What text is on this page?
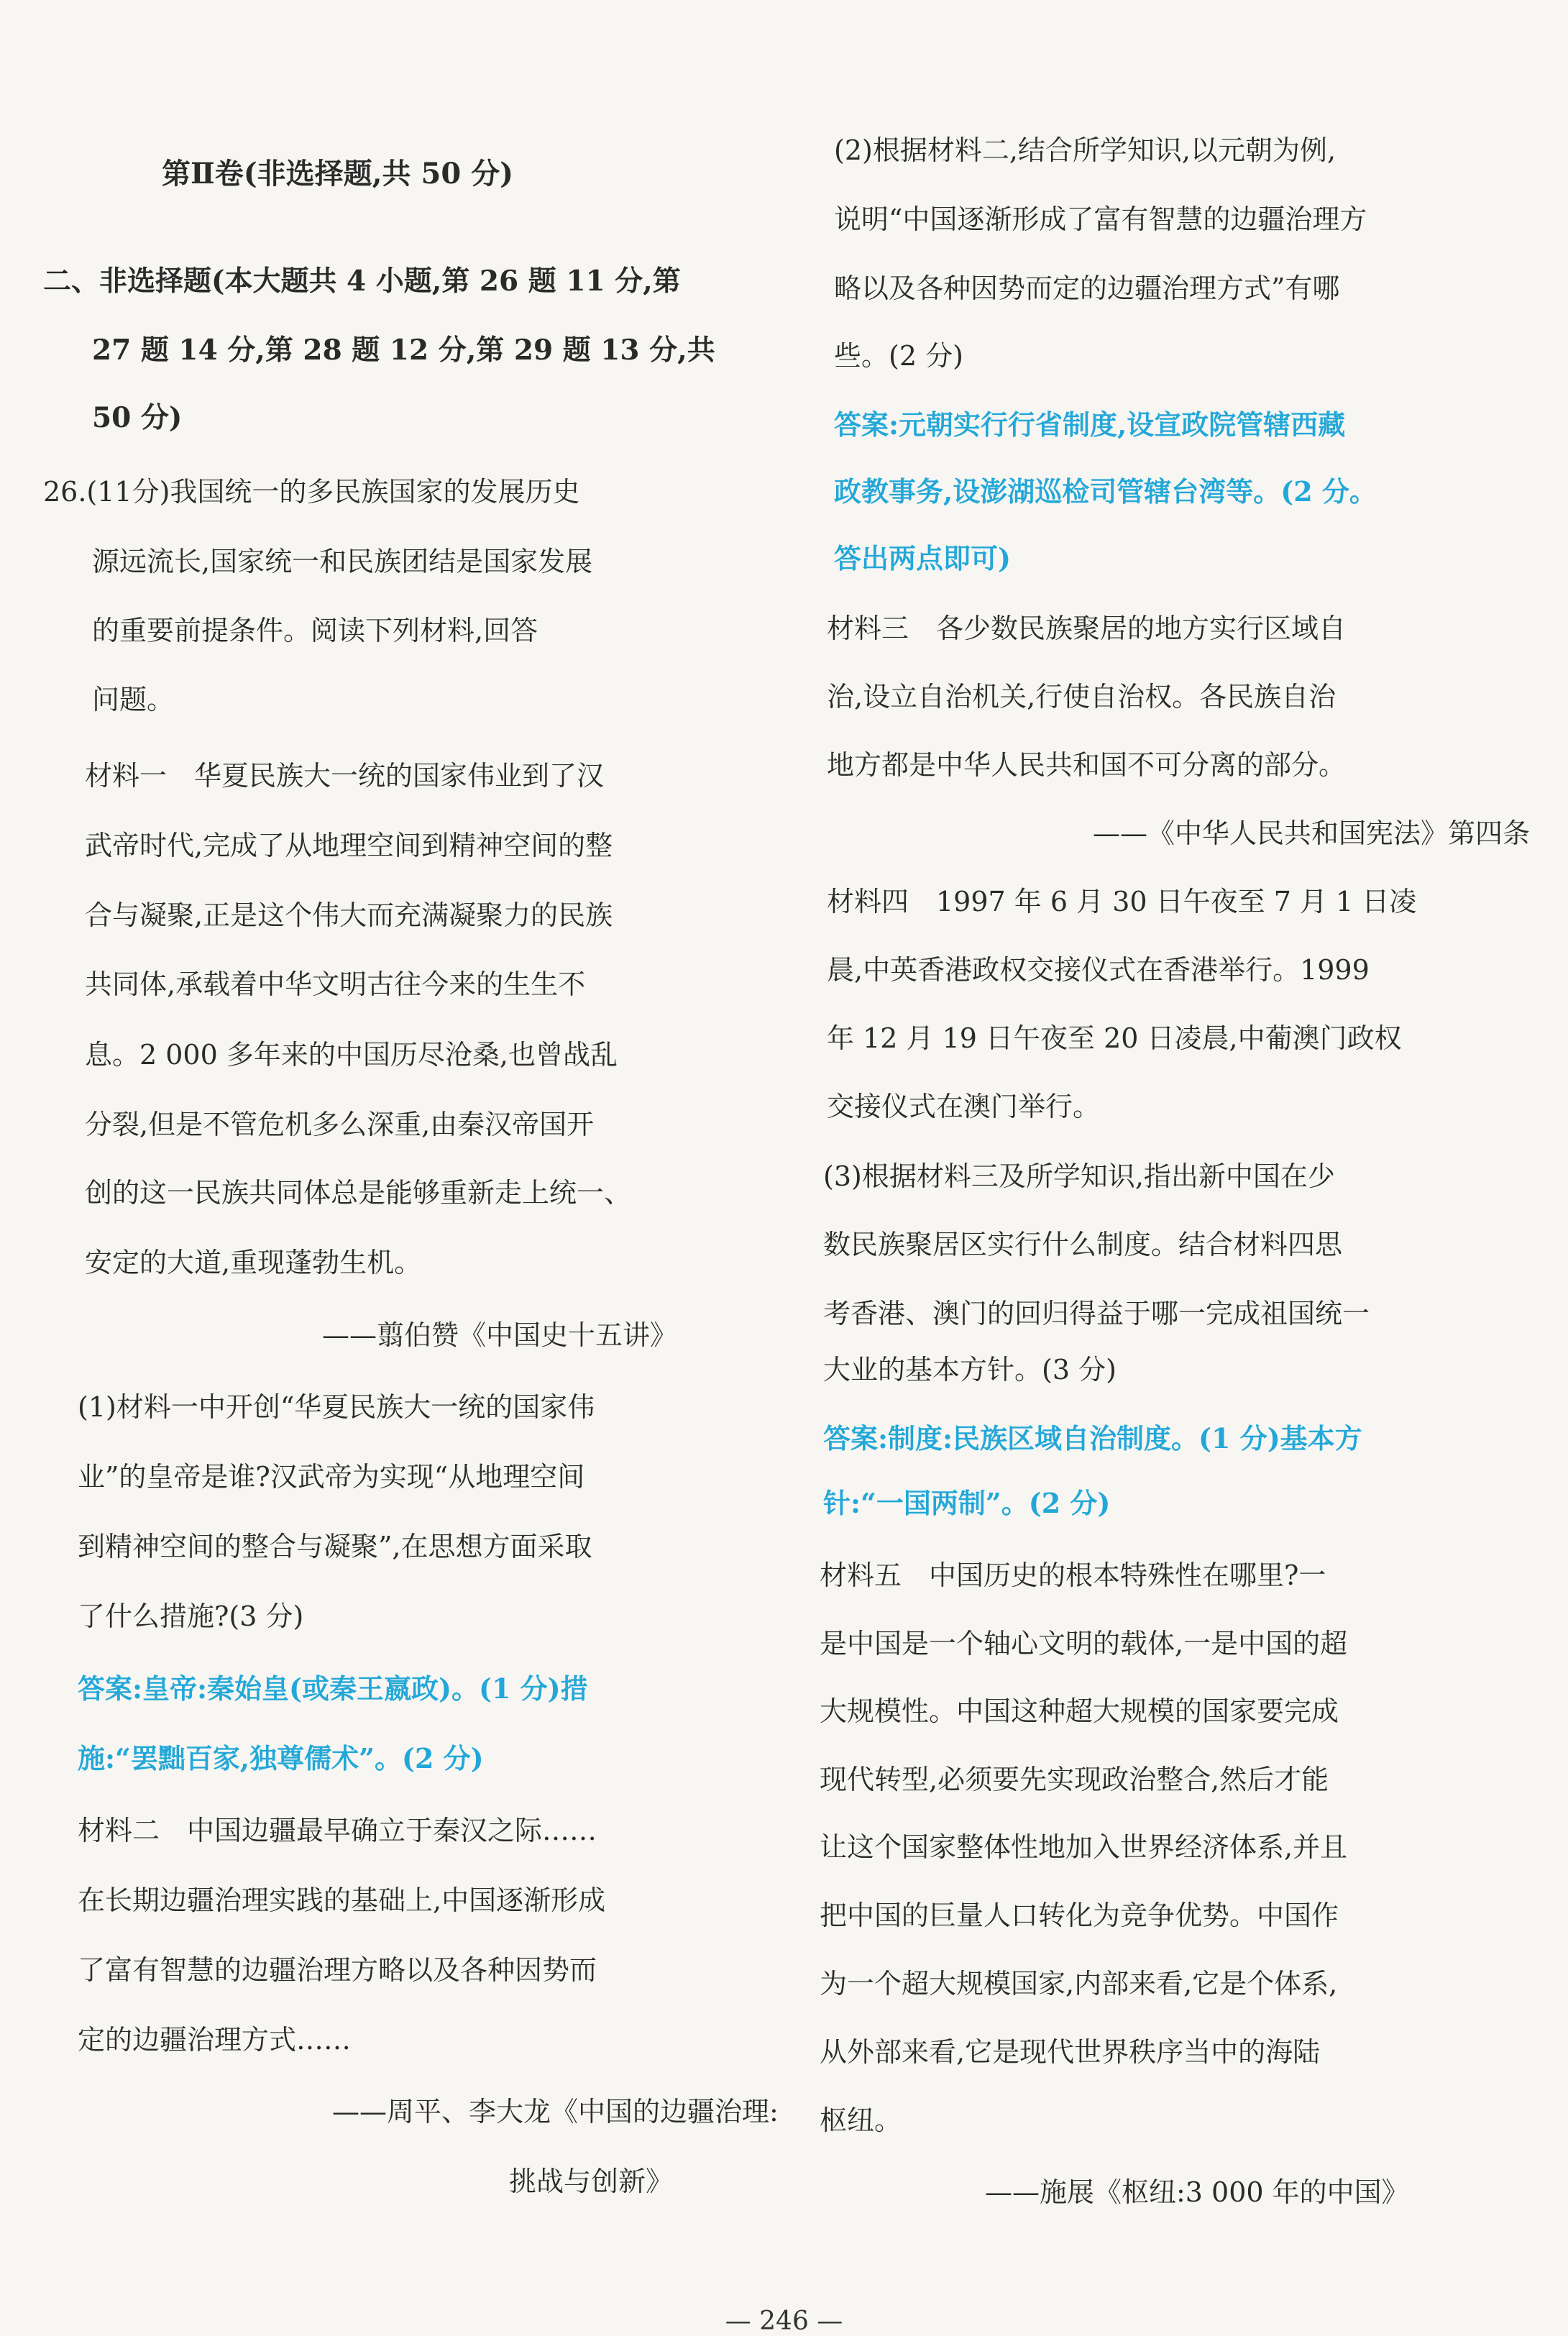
第Ⅱ卷(非选择题,共 50 分)
二、非选择题(本大题共 4 小题,第 26 题 11 分,第
27 题 14 分,第 28 题 12 分,第 29 题 13 分,共
50 分)
26.(11分)我国统一的多民族国家的发展历史
源远流长,国家统一和民族团结是国家发展
的重要前提条件。阅读下列材料,回答
问题。
材料一　华夏民族大一统的国家伟业到了汉
武帝时代,完成了从地理空间到精神空间的整
合与凝聚,正是这个伟大而充满凝聚力的民族
共同体,承载着中华文明古往今来的生生不
息。2 000 多年来的中国历尽沧桑,也曾战乱
分裂,但是不管危机多么深重,由秦汉帝国开
创的这一民族共同体总是能够重新走上统一、
安定的大道,重现蓬勃生机。
——翦伯赞《中国史十五讲》
(1)材料一中开创“华夏民族大一统的国家伟
业”的皇帝是谁?汉武帝为实现“从地理空间
到精神空间的整合与凝聚”,在思想方面采取
了什么措施?(3 分)
答案:皇帝:秦始皇(或秦王嬴政)。(1 分)措
施:“罢黜百家,独尊儒术”。(2 分)
材料二　中国边疆最早确立于秦汉之际……
在长期边疆治理实践的基础上,中国逐渐形成
了富有智慧的边疆治理方略以及各种因势而
定的边疆治理方式……
——周平、李大龙《中国的边疆治理:
挑战与创新》
(2)根据材料二,结合所学知识,以元朝为例,
说明“中国逐渐形成了富有智慧的边疆治理方
略以及各种因势而定的边疆治理方式”有哪
些。(2 分)
答案:元朝实行行省制度,设宣政院管辖西藏
政教事务,设澎湖巡检司管辖台湾等。(2 分。
答出两点即可)
材料三　各少数民族聚居的地方实行区域自
治,设立自治机关,行使自治权。各民族自治
地方都是中华人民共和国不可分离的部分。
——《中华人民共和国宪法》第四条
材料四　1997 年 6 月 30 日午夜至 7 月 1 日凌
晨,中英香港政权交接仪式在香港举行。1999
年 12 月 19 日午夜至 20 日凌晨,中葡澳门政权
交接仪式在澳门举行。
(3)根据材料三及所学知识,指出新中国在少
数民族聚居区实行什么制度。结合材料四思
考香港、澳门的回归得益于哪一完成祖国统一
大业的基本方针。(3 分)
答案:制度:民族区域自治制度。(1 分)基本方
针:“一国两制”。(2 分)
材料五　中国历史的根本特殊性在哪里?一
是中国是一个轴心文明的载体,一是中国的超
大规模性。中国这种超大规模的国家要完成
现代转型,必须要先实现政治整合,然后才能
让这个国家整体性地加入世界经济体系,并且
把中国的巨量人口转化为竞争优势。中国作
为一个超大规模国家,内部来看,它是个体系,
从外部来看,它是现代世界秩序当中的海陆
枢纽。
——施展《枢纽:3 000 年的中国》
— 246 —
